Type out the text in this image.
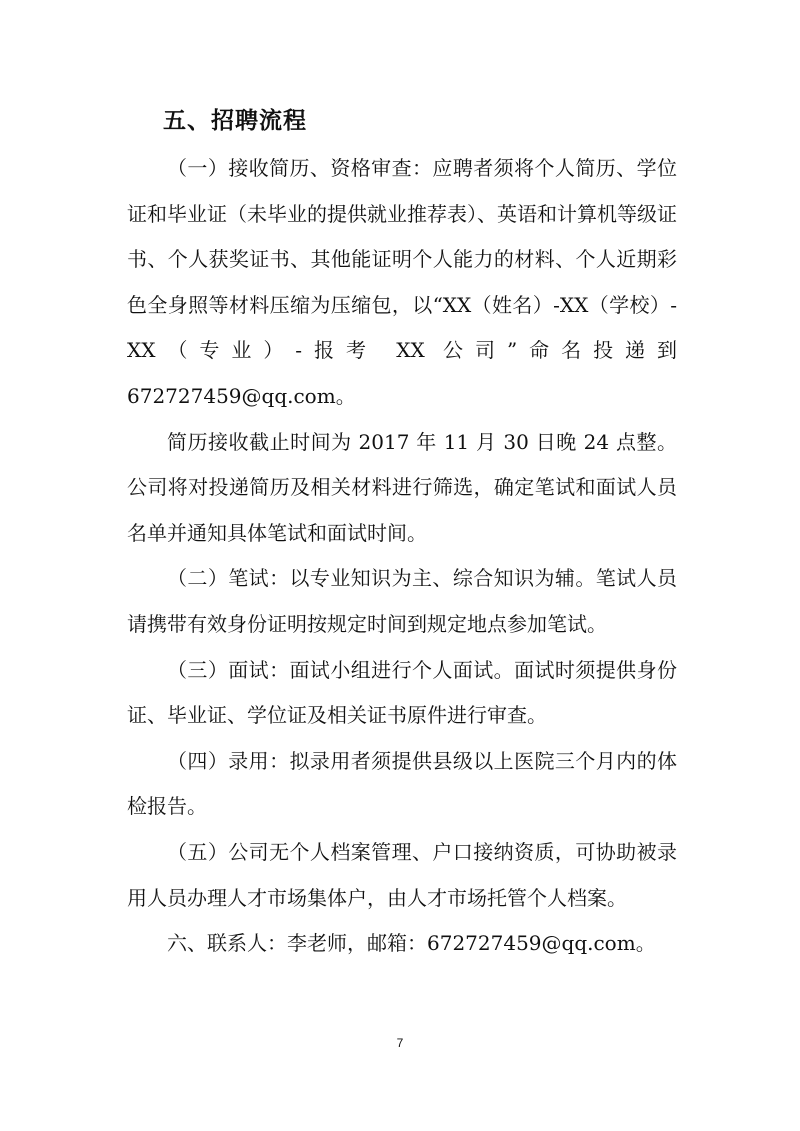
五、招聘流程

（一）接收简历、资格审查：应聘者须将个人简历、学位证和毕业证（未毕业的提供就业推荐表）、英语和计算机等级证书、个人获奖证书、其他能证明个人能力的材料、个人近期彩色全身照等材料压缩为压缩包，以“XX（姓名）-XX（学校）-XX（专业）-报考 XX 公司”命名投递到672727459@qq.com。

简历接收截止时间为 2017 年 11 月 30 日晚 24 点整。公司将对投递简历及相关材料进行筛选，确定笔试和面试人员名单并通知具体笔试和面试时间。

（二）笔试：以专业知识为主、综合知识为辅。笔试人员请携带有效身份证明按规定时间到规定地点参加笔试。

（三）面试：面试小组进行个人面试。面试时须提供身份证、毕业证、学位证及相关证书原件进行审查。

（四）录用：拟录用者须提供县级以上医院三个月内的体检报告。

（五）公司无个人档案管理、户口接纳资质，可协助被录用人员办理人才市场集体户，由人才市场托管个人档案。

六、联系人：李老师，邮箱：672727459@qq.com。

7
